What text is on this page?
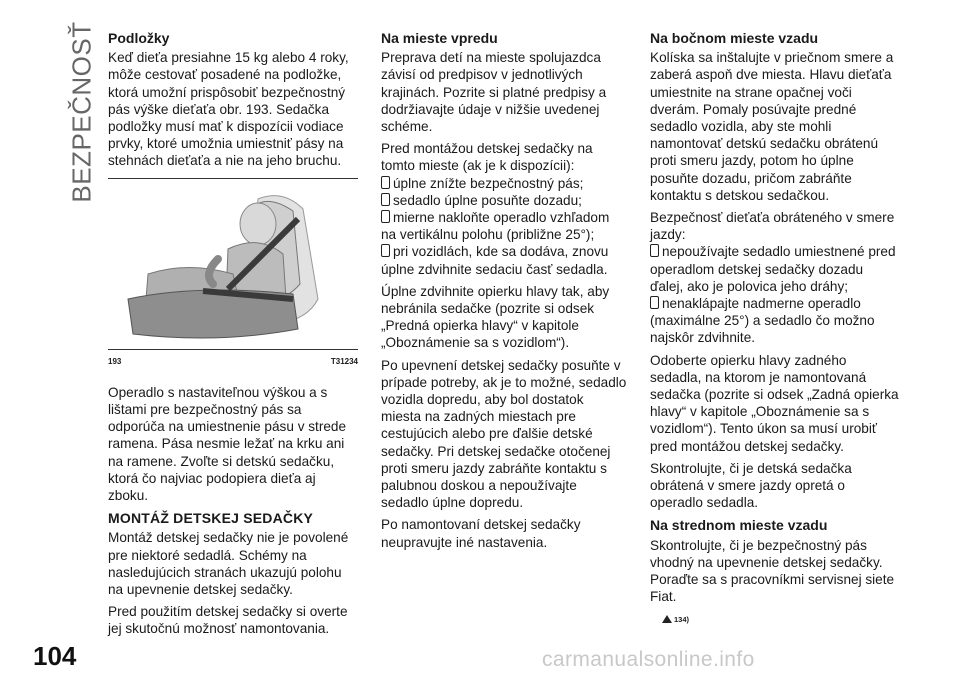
BEZPEČNOSŤ
104
Podložky

Keď dieťa presiahne 15 kg alebo 4 roky, môže cestovať posadené na podložke, ktorá umožní prispôsobiť bezpečnostný pás výške dieťaťa obr. 193. Sedačka podložky musí mať k dispozícii vodiace prvky, ktoré umožnia umiestniť pásy na stehnách dieťaťa a nie na jeho bruchu.

193	T31234

Operadlo s nastaviteľnou výškou a s lištami pre bezpečnostný pás sa odporúča na umiestnenie pásu v strede ramena. Pása nesmie ležať na krku ani na ramene. Zvoľte si detskú sedačku, ktorá čo najviac podopiera dieťa aj zboku.

MONTÁŽ DETSKEJ SEDAČKY

Montáž detskej sedačky nie je povolené pre niektoré sedadlá. Schémy na nasledujúcich stranách ukazujú polohu na upevnenie detskej sedačky.

Pred použitím detskej sedačky si overte jej skutočnú možnosť namontovania.

Na mieste vpredu

Preprava detí na mieste spolujazdca závisí od predpisov v jednotlivých krajinách. Pozrite si platné predpisy a dodržiavajte údaje v nižšie uvedenej schéme.

Pred montážou detskej sedačky na tomto mieste (ak je k dispozícii):

úplne znížte bezpečnostný pás;
sedadlo úplne posuňte dozadu;
mierne nakloňte operadlo vzhľadom na vertikálnu polohu (približne 25°);
pri vozidlách, kde sa dodáva, znovu úplne zdvihnite sedaciu časť sedadla.

Úplne zdvihnite opierku hlavy tak, aby nebránila sedačke (pozrite si odsek „Predná opierka hlavy“ v kapitole „Oboznámenie sa s vozidlom“).

Po upevnení detskej sedačky posuňte v prípade potreby, ak je to možné, sedadlo vozidla dopredu, aby bol dostatok miesta na zadných miestach pre cestujúcich alebo pre ďalšie detské sedačky. Pri detskej sedačke otočenej proti smeru jazdy zabráňte kontaktu s palubnou doskou a nepoužívajte sedadlo úplne dopredu.

Po namontovaní detskej sedačky neupravujte iné nastavenia.

Na bočnom mieste vzadu

Kolíska sa inštalujte v priečnom smere a zaberá aspoň dve miesta. Hlavu dieťaťa umiestnite na strane opačnej voči dverám. Pomaly posúvajte predné sedadlo vozidla, aby ste mohli namontovať detskú sedačku obrátenú proti smeru jazdy, potom ho úplne posuňte dozadu, pričom zabráňte kontaktu s detskou sedačkou.

Bezpečnosť dieťaťa obráteného v smere jazdy:

nepoužívajte sedadlo umiestnené pred operadlom detskej sedačky dozadu ďalej, ako je polovica jeho dráhy;
nenaklápajte nadmerne operadlo (maximálne 25°) a sedadlo čo možno najskôr zdvihnite.

Odoberte opierku hlavy zadného sedadla, na ktorom je namontovaná sedačka (pozrite si odsek „Zadná opierka hlavy“ v kapitole „Oboznámenie sa s vozidlom“). Tento úkon sa musí urobiť pred montážou detskej sedačky.

Skontrolujte, či je detská sedačka obrátená v smere jazdy opretá o operadlo sedadla.

Na strednom mieste vzadu

Skontrolujte, či je bezpečnostný pás vhodný na upevnenie detskej sedačky. Poraďte sa s pracovníkmi servisnej siete Fiat.

134)
carmanualsonline.info
